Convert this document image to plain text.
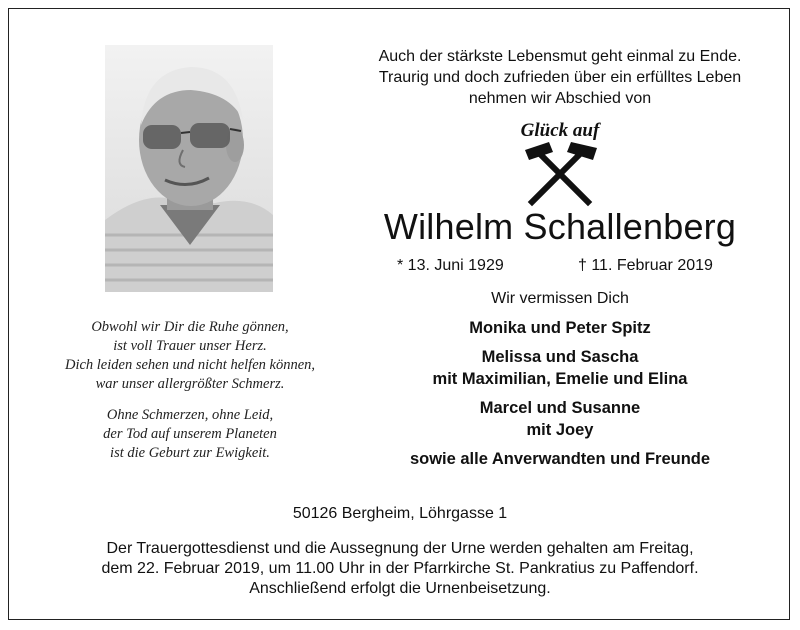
Auch der stärkste Lebensmut geht einmal zu Ende.
Traurig und doch zufrieden über ein erfülltes Leben
nehmen wir Abschied von
Glück auf
Wilhelm Schallenberg
* 13. Juni 1929	† 11. Februar 2019
Wir vermissen Dich
Monika und Peter Spitz
Melissa und Sascha
mit Maximilian, Emelie und Elina
Marcel und Susanne
mit Joey
sowie alle Anverwandten und Freunde
Obwohl wir Dir die Ruhe gönnen,
ist voll Trauer unser Herz.
Dich leiden sehen und nicht helfen können,
war unser allergrößter Schmerz.
Ohne Schmerzen, ohne Leid,
der Tod auf unserem Planeten
ist die Geburt zur Ewigkeit.
50126 Bergheim, Löhrgasse 1
Der Trauergottesdienst und die Aussegnung der Urne werden gehalten am Freitag,
dem 22. Februar 2019, um 11.00 Uhr in der Pfarrkirche St. Pankratius zu Paffendorf.
Anschließend erfolgt die Urnenbeisetzung.
